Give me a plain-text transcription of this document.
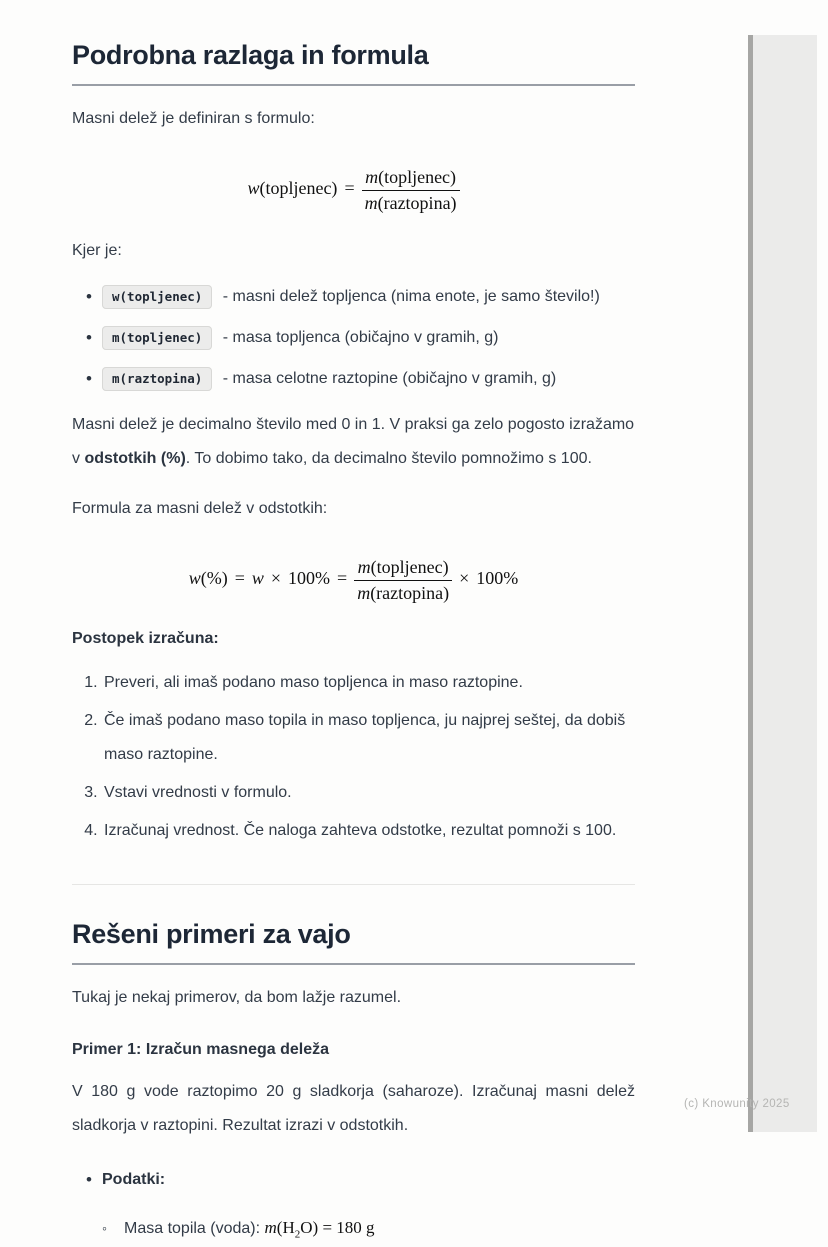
Podrobna razlaga in formula

Masni delež je definiran s formulo:

w(topljenec) = $\frac{\text{m(topljenec)}}{\text{m(raztopina)}}$

Kjer je:

• w(topljenec) - masni delež topljenca (nima enote, je samo število!)
• m(topljenec) - masa topljenca (običajno v gramih, g)
• m(raztopina) - masa celotne raztopine (običajno v gramih, g)

Masni delež je decimalno število med 0 in 1. V praksi ga zelo pogosto izražamo v odstotkih (%). To dobimo tako, da decimalno število pomnožimo s 100.

Formula za masni delež v odstotkih:

$w(\%) = w \times 100\% = \frac{\text{m(topljenec)}}{\text{m(raztopina)}} \times 100\%$

Postopek izračuna:

1. Preveri, ali imaš podano maso topljenca in maso raztopine.
2. Če imaš podano maso topila in maso topljenca, ju najprej seštej, da dobiš maso raztopine.
3. Vstavi vrednosti v formulo.
4. Izračunaj vrednost. Če naloga zahteva odstotke, rezultat pomnoži s 100.
Rešeni primeri za vajo

Tukaj je nekaj primerov, da bom lažje razumel.

Primer 1: Izračun masnega deleža

V 180 g vode raztopimo 20 g sladkorja (saharoze). Izračunaj masni delež sladkorja v raztopini. Rezultat izrazi v odstotkih.

• Podatki:
◦ Masa topila (voda): $m(H_2O) = 180$ g
(c) Knowunity 2025
